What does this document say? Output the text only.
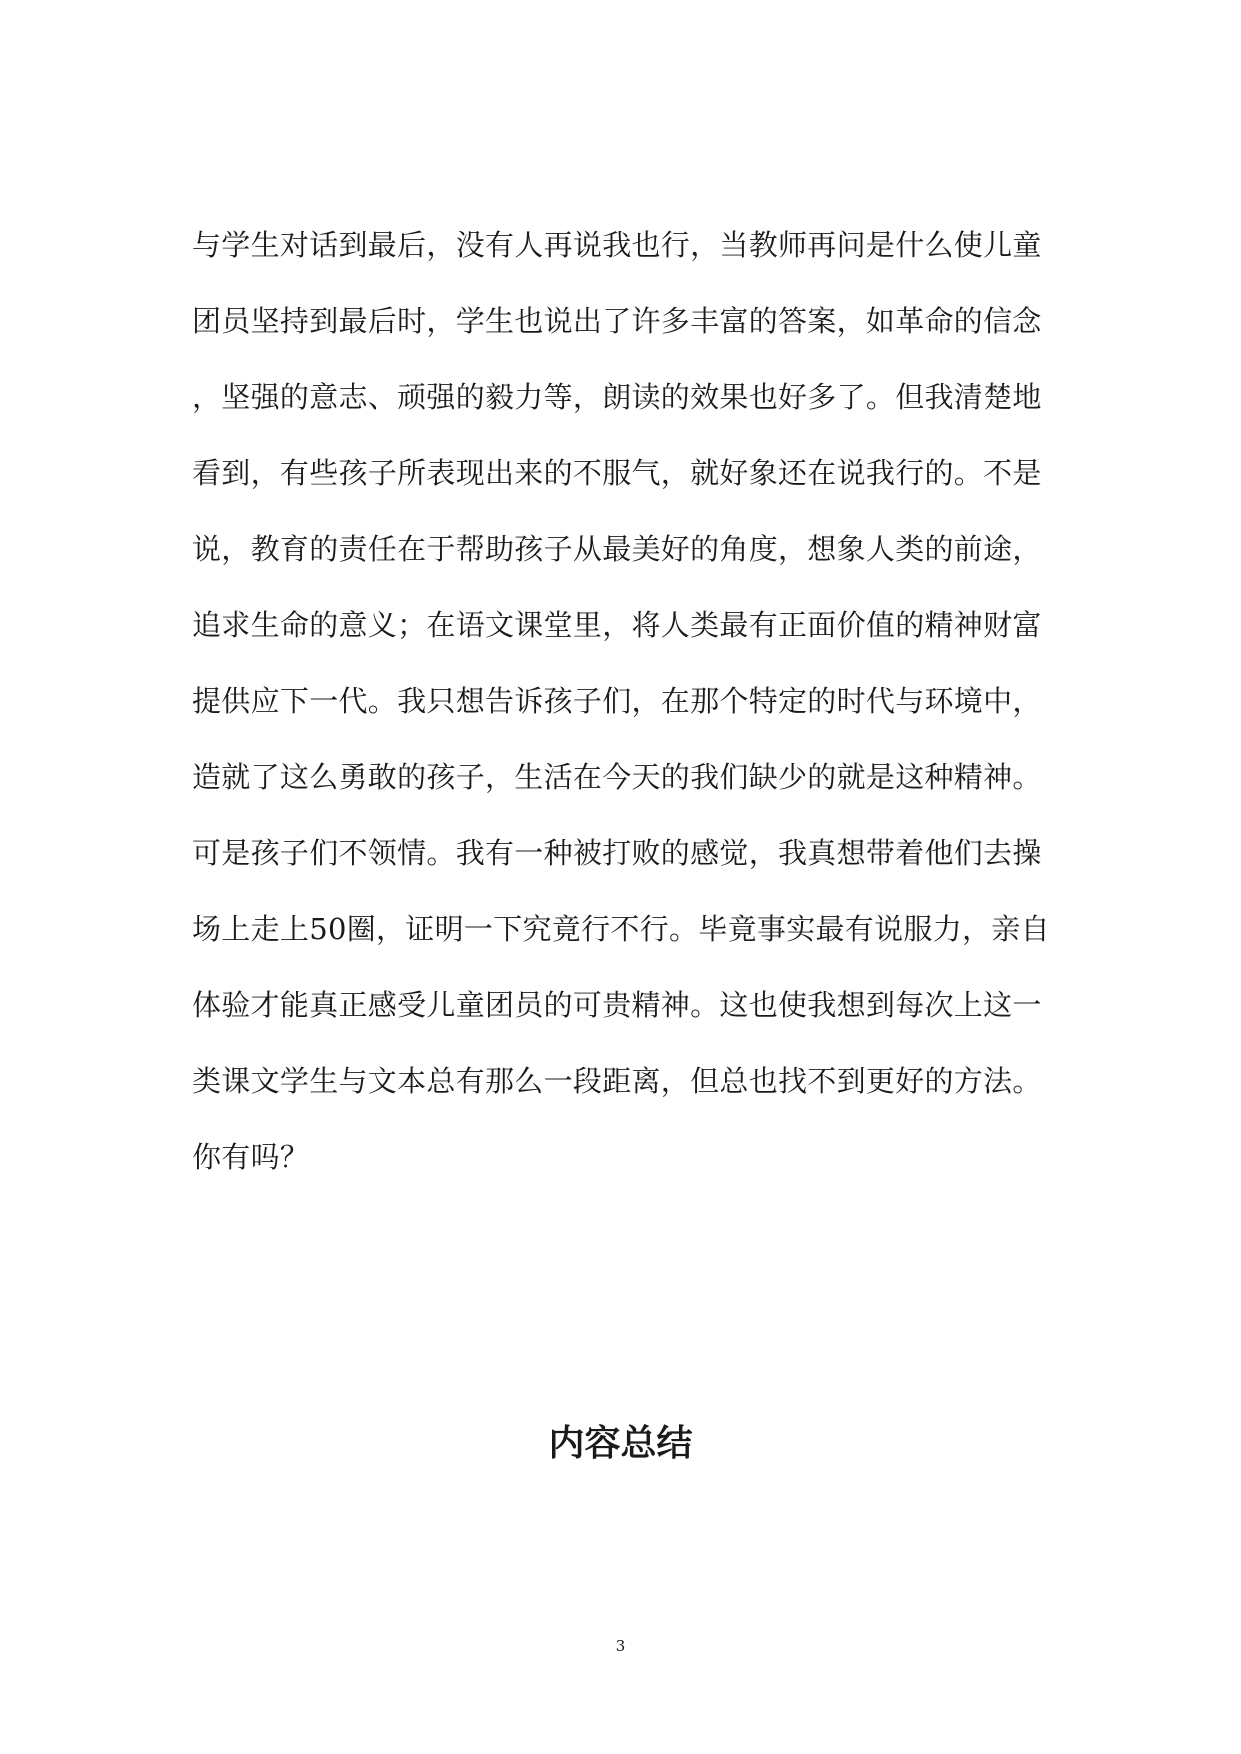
与学生对话到最后，没有人再说我也行，当教师再问是什么使儿童
团员坚持到最后时，学生也说出了许多丰富的答案，如革命的信念
，坚强的意志、顽强的毅力等，朗读的效果也好多了。但我清楚地
看到，有些孩子所表现出来的不服气，就好象还在说我行的。不是
说，教育的责任在于帮助孩子从最美好的角度，想象人类的前途，
追求生命的意义；在语文课堂里，将人类最有正面价值的精神财富
提供应下一代。我只想告诉孩子们，在那个特定的时代与环境中，
造就了这么勇敢的孩子，生活在今天的我们缺少的就是这种精神。
可是孩子们不领情。我有一种被打败的感觉，我真想带着他们去操
场上走上50圈，证明一下究竟行不行。毕竟事实最有说服力，亲自
体验才能真正感受儿童团员的可贵精神。这也使我想到每次上这一
类课文学生与文本总有那么一段距离，但总也找不到更好的方法。
你有吗？
内容总结
3
